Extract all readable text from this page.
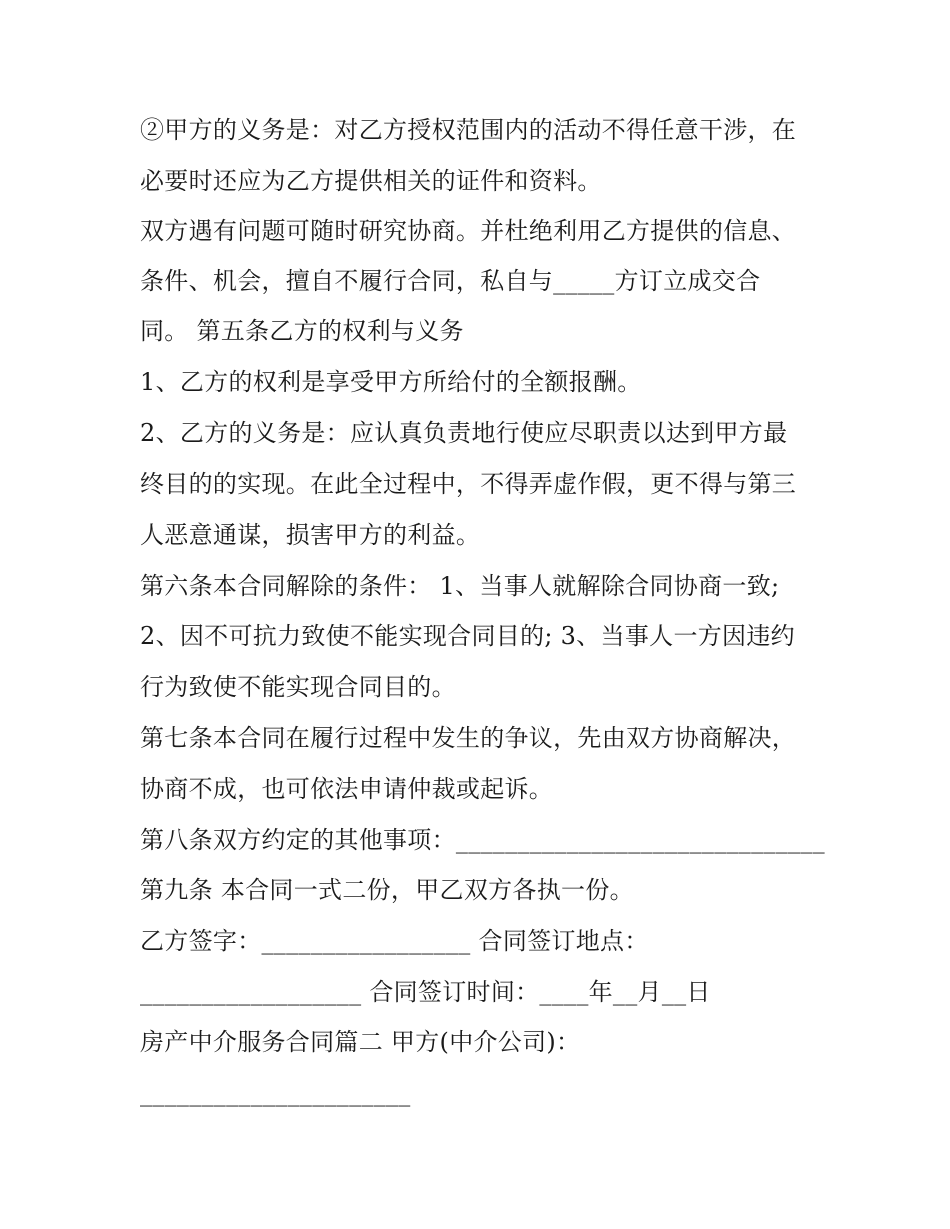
②甲方的义务是：对乙方授权范围内的活动不得任意干涉，在
必要时还应为乙方提供相关的证件和资料。
双方遇有问题可随时研究协商。并杜绝利用乙方提供的信息、
条件、机会，擅自不履行合同，私自与_____方订立成交合
同。 第五条乙方的权利与义务
1、乙方的权利是享受甲方所给付的全额报酬。
2、乙方的义务是：应认真负责地行使应尽职责以达到甲方最
终目的的实现。在此全过程中，不得弄虚作假，更不得与第三
人恶意通谋，损害甲方的利益。
第六条本合同解除的条件： 1、当事人就解除合同协商一致;
2、因不可抗力致使不能实现合同目的; 3、当事人一方因违约
行为致使不能实现合同目的。
第七条本合同在履行过程中发生的争议，先由双方协商解决，
协商不成，也可依法申请仲裁或起诉。
第八条双方约定的其他事项：______________________________
第九条 本合同一式二份，甲乙双方各执一份。
乙方签字：_________________ 合同签订地点：
__________________ 合同签订时间：____年__月__日
房产中介服务合同篇二 甲方(中介公司)：
______________________
